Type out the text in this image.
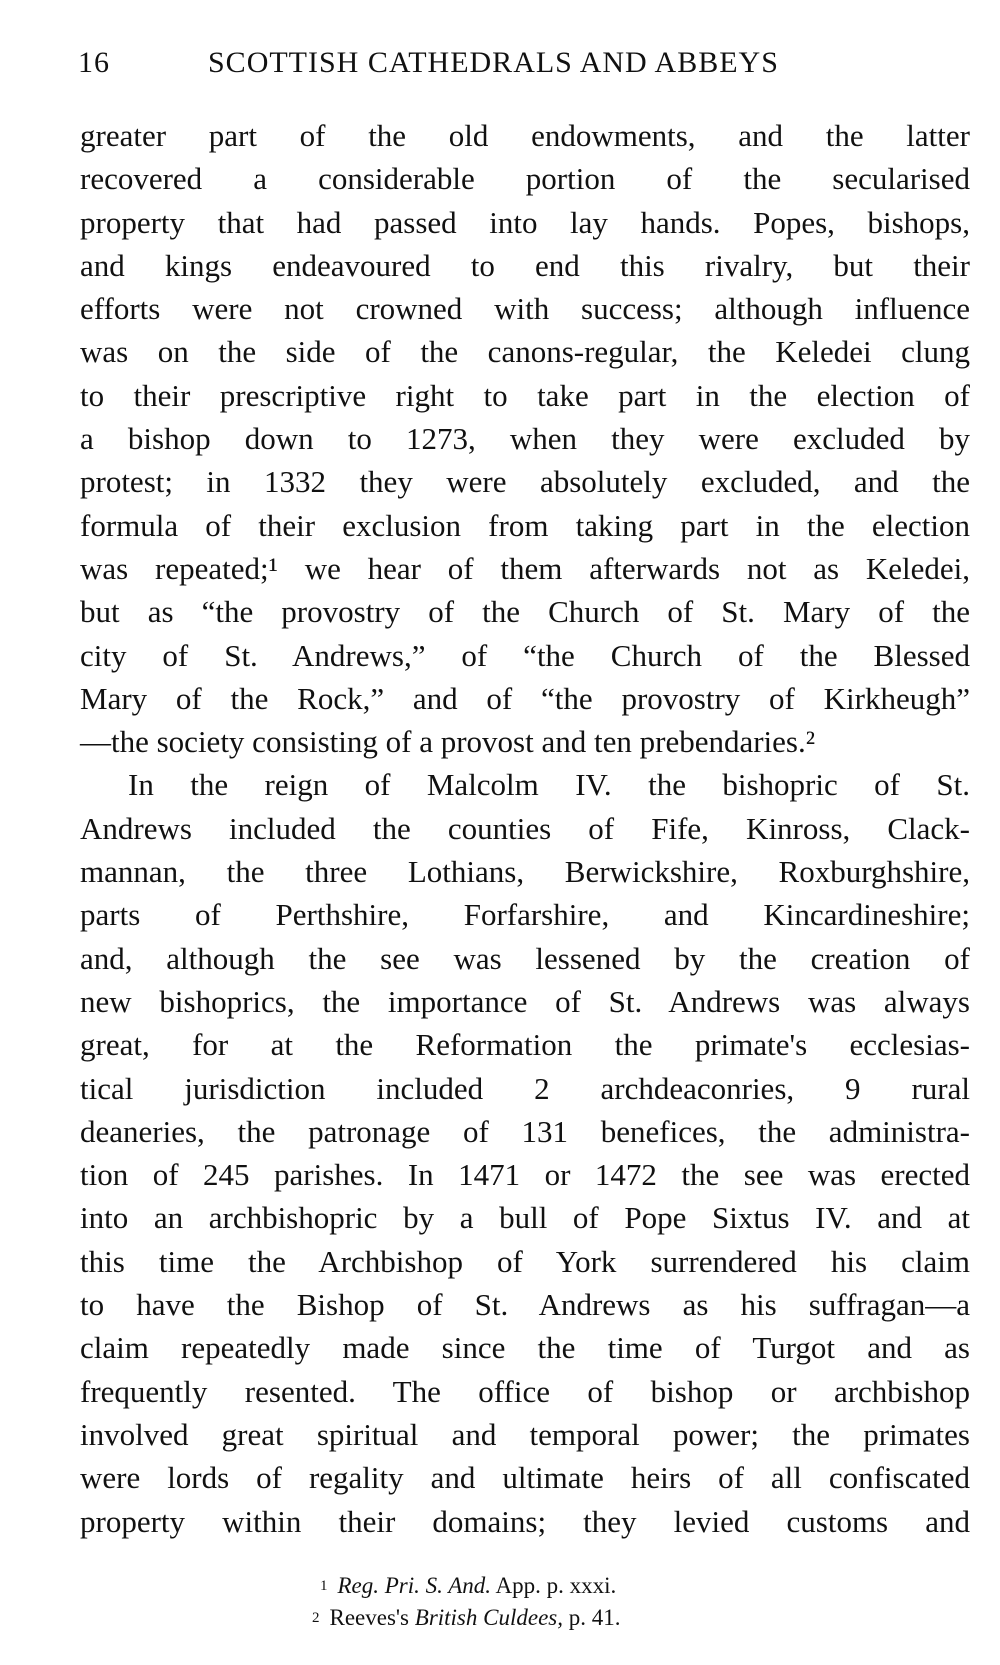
16	SCOTTISH CATHEDRALS AND ABBEYS
greater part of the old endowments, and the latter
recovered a considerable portion of the secularised
property that had passed into lay hands. Popes, bishops,
and kings endeavoured to end this rivalry, but their
efforts were not crowned with success; although influence
was on the side of the canons-regular, the Keledei clung
to their prescriptive right to take part in the election of
a bishop down to 1273, when they were excluded by
protest; in 1332 they were absolutely excluded, and the
formula of their exclusion from taking part in the election
was repeated;¹ we hear of them afterwards not as Keledei,
but as “the provostry of the Church of St. Mary of the
city of St. Andrews,” of “the Church of the Blessed
Mary of the Rock,” and of “the provostry of Kirkheugh”
—the society consisting of a provost and ten prebendaries.²
In the reign of Malcolm IV. the bishopric of St.
Andrews included the counties of Fife, Kinross, Clack-
mannan, the three Lothians, Berwickshire, Roxburghshire,
parts of Perthshire, Forfarshire, and Kincardineshire;
and, although the see was lessened by the creation of
new bishoprics, the importance of St. Andrews was always
great, for at the Reformation the primate's ecclesias-
tical jurisdiction included 2 archdeaconries, 9 rural
deaneries, the patronage of 131 benefices, the administra-
tion of 245 parishes. In 1471 or 1472 the see was erected
into an archbishopric by a bull of Pope Sixtus IV. and at
this time the Archbishop of York surrendered his claim
to have the Bishop of St. Andrews as his suffragan—a
claim repeatedly made since the time of Turgot and as
frequently resented. The office of bishop or archbishop
involved great spiritual and temporal power; the primates
were lords of regality and ultimate heirs of all confiscated
property within their domains; they levied customs and
$^1$ Reg. Pri. S. And. App. p. xxxi.
$^2$ Reeves's British Culdees, p. 41.
